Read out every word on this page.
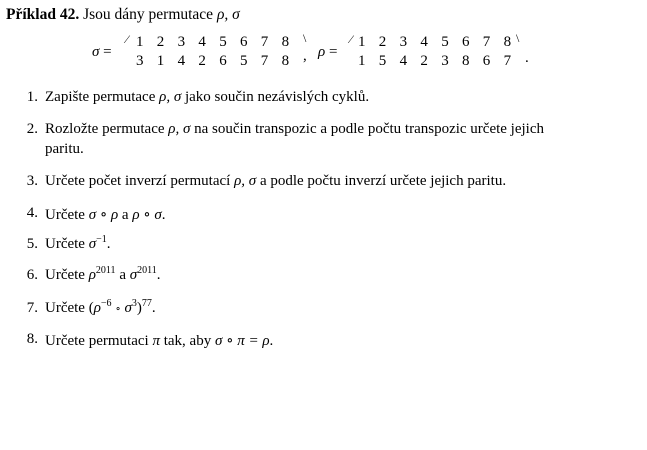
Příklad 42. Jsou dány permutace ρ, σ
σ =
⁄ 1 2 3 4 5 6 7 8	\
3 1 4 2 6 5 7 8 , ρ =
⁄ 1 2 3 4 5 6 7 8 \
1 5 4 2 3 8 6 7 .
1. Zapište permutace ρ, σ jako součin nezávislých cyklů.
2. Rozložte permutace ρ, σ na součin transpozic a podle počtu transpozic určete jejich
paritu.
3. Určete počet inverzí permutací ρ, σ a podle počtu inverzí určete jejich paritu.
4. Určete σ ∘ ρ a ρ ∘ σ.
5. Určete $\sigma^{-1}$.
6. Určete $\rho^{2011}$ a $\sigma^{2011}$.
7. Určete ($\rho^{-6}$ ∘ $\sigma^3)^{77}$.
8. Určete permutaci π tak, aby σ ∘ π = ρ.
